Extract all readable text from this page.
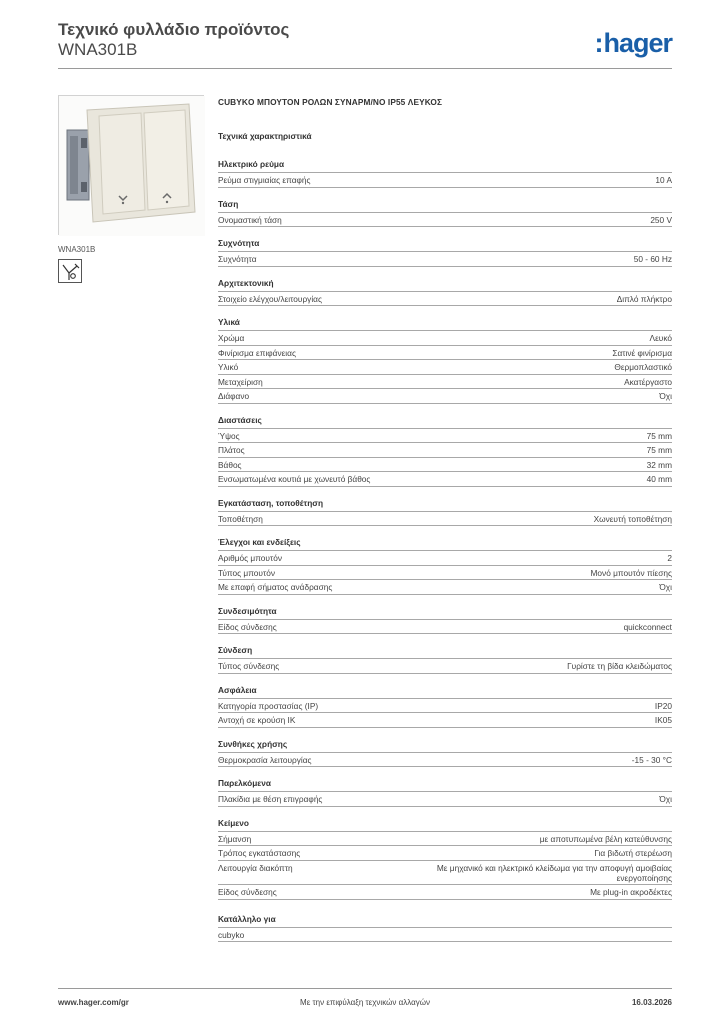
Τεχνικό φυλλάδιο προϊόντος
WNA301B	:hager
WNA301B
CUBYKO ΜΠΟΥΤΟΝ ΡΟΛΩΝ ΣΥΝΑΡΜ/ΝΟ IP55 ΛΕΥΚΟΣ
Τεχνικά χαρακτηριστικά
Ηλεκτρικό ρεύμα
Ρεύμα στιγμιαίας επαφής	10 A
Τάση
Ονομαστική τάση	250 V
Συχνότητα
Συχνότητα	50 - 60 Hz
Αρχιτεκτονική
Στοιχείο ελέγχου/λειτουργίας	Διπλό πλήκτρο
Υλικά
Χρώμα	Λευκό
Φινίρισμα επιφάνειας	Σατινέ φινίρισμα
Υλικό	Θερμοπλαστικό
Μεταχείριση	Ακατέργαστο
Διάφανο	Όχι
Διαστάσεις
Ύψος	75 mm
Πλάτος	75 mm
Βάθος	32 mm
Ενσωματωμένα κουτιά με χωνευτό βάθος	40 mm
Εγκατάσταση, τοποθέτηση
Τοποθέτηση	Χωνευτή τοποθέτηση
Έλεγχοι και ενδείξεις
Αριθμός μπουτόν	2
Τύπος μπουτόν	Μονό μπουτόν πίεσης
Με επαφή σήματος ανάδρασης	Όχι
Συνδεσιμότητα
Είδος σύνδεσης	quickconnect
Σύνδεση
Τύπος σύνδεσης	Γυρίστε τη βίδα κλειδώματος
Ασφάλεια
Κατηγορία προστασίας (IP)	IP20
Αντοχή σε κρούση IK	IK05
Συνθήκες χρήσης
Θερμοκρασία λειτουργίας	-15 - 30 °C
Παρελκόμενα
Πλακίδια με θέση επιγραφής	Όχι
Κείμενο
Σήμανση	με αποτυπωμένα βέλη κατεύθυνσης
Τρόπος εγκατάστασης	Για βιδωτή στερέωση
Λειτουργία διακόπτη	Με μηχανικό και ηλεκτρικό κλείδωμα για την αποφυγή αμοιβαίας ενεργοποίησης
Είδος σύνδεσης	Με plug-in ακροδέκτες
Κατάλληλο για
cubyko
www.hager.com/gr	Με την επιφύλαξη τεχνικών αλλαγών	16.03.2026
